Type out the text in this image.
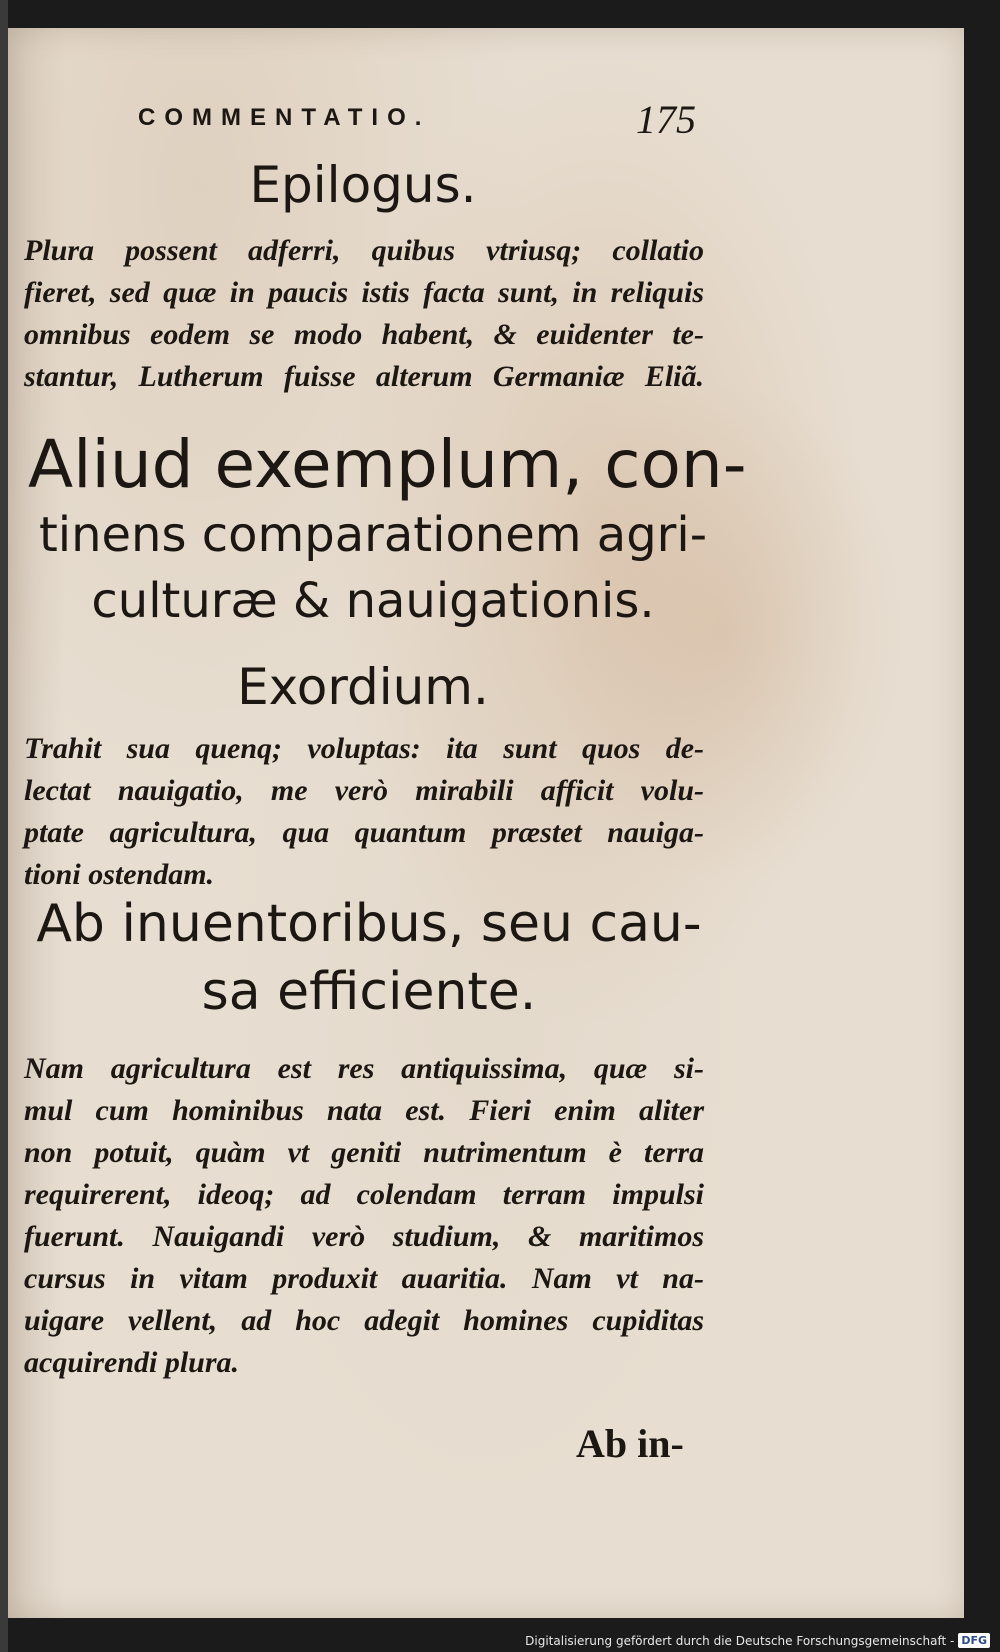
COMMENTATIO.	175

Epilogus.

Plura possent adferri, quibus vtriusq; collatio
fieret, sed quæ in paucis istis facta sunt, in reliquis
omnibus eodem se modo habent, & euidenter te-
stantur, Lutherum fuisse alterum Germaniæ Eliã.
Aliud exemplum, con-
tinens comparationem agri-
culturæ & nauigationis.

Exordium.

Trahit sua quenq; voluptas: ita sunt quos de-
lectat nauigatio, me verò mirabili afficit volu-
ptate agricultura, qua quantum præstet nauiga-
tioni ostendam.
Ab inuentoribus, seu cau-
sa efficiente.
Nam agricultura est res antiquissima, quæ si-
mul cum hominibus nata est. Fieri enim aliter
non potuit, quàm vt geniti nutrimentum è terra
requirerent, ideoq; ad colendam terram impulsi
fuerunt. Nauigandi verò studium, & maritimos
cursus in vitam produxit auaritia. Nam vt na-
uigare vellent, ad hoc adegit homines cupiditas
acquirendi plura.

Ab in-

Digitalisierung gefördert durch die Deutsche Forschungsgemeinschaft - DFG
